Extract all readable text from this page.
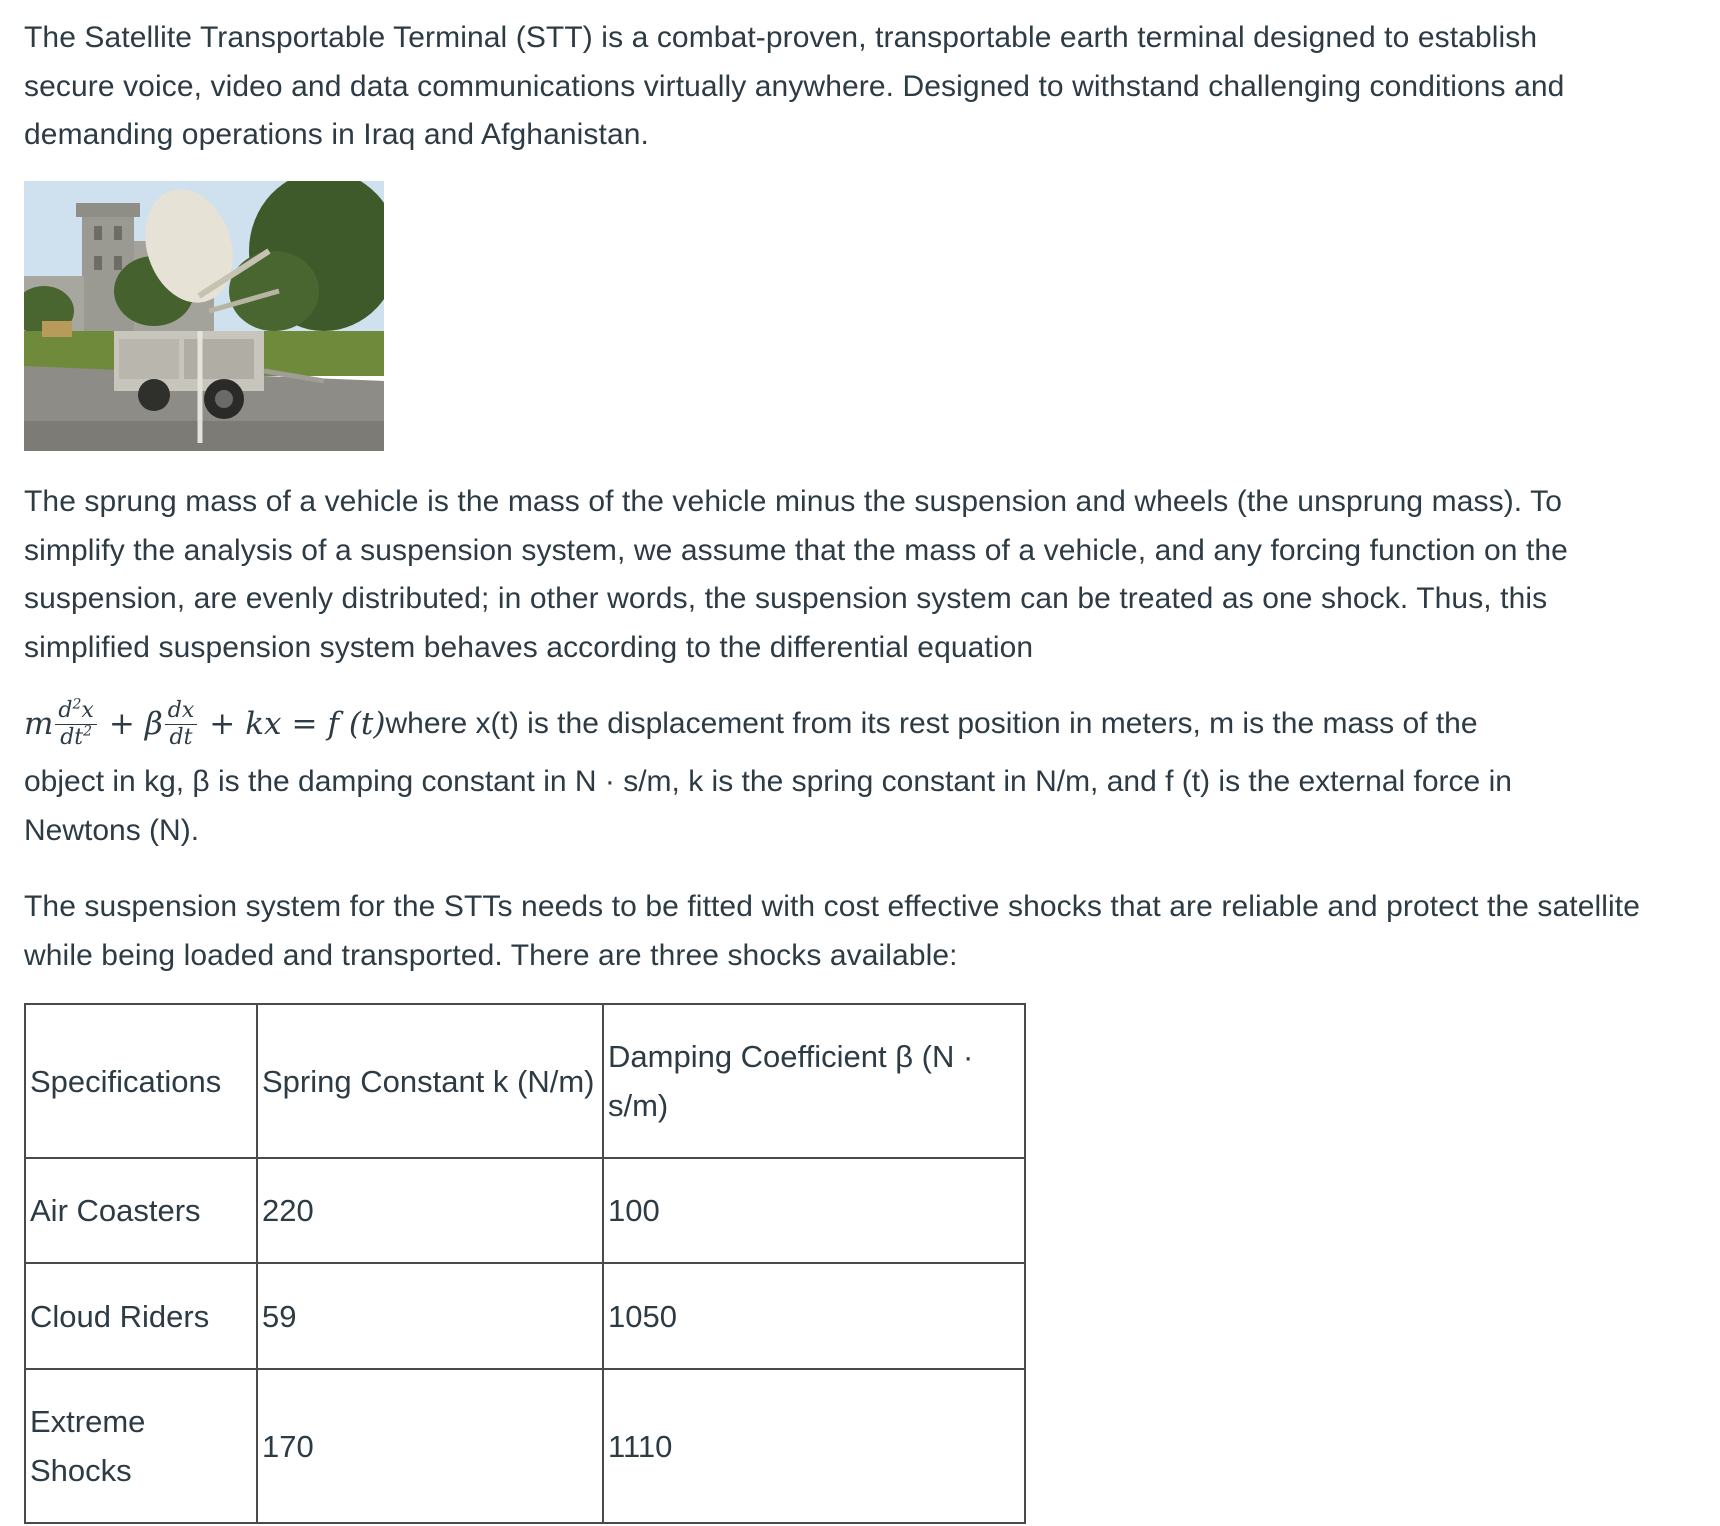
The Satellite Transportable Terminal (STT) is a combat-proven, transportable earth terminal designed to establish secure voice, video and data communications virtually anywhere. Designed to withstand challenging conditions and demanding operations in Iraq and Afghanistan.

The sprung mass of a vehicle is the mass of the vehicle minus the suspension and wheels (the unsprung mass). To simplify the analysis of a suspension system, we assume that the mass of a vehicle, and any forcing function on the suspension, are evenly distributed; in other words, the suspension system can be treated as one shock. Thus, this simplified suspension system behaves according to the differential equation

m $\frac{d^2x}{dt^2} + \beta \frac{dx}{dt}$ + kx = f (t) where x(t) is the displacement from its rest position in meters, m is the mass of the
object in kg, β is the damping constant in N · s/m, k is the spring constant in N/m, and f (t) is the external force in Newtons (N).

The suspension system for the STTs needs to be fitted with cost effective shocks that are reliable and protect the satellite while being loaded and transported. There are three shocks available:

Specifications	Spring Constant k (N/m)	Damping Coefficient β (N · s/m)
Air Coasters	220	100
Cloud Riders	59	1050
Extreme Shocks	170	1110
